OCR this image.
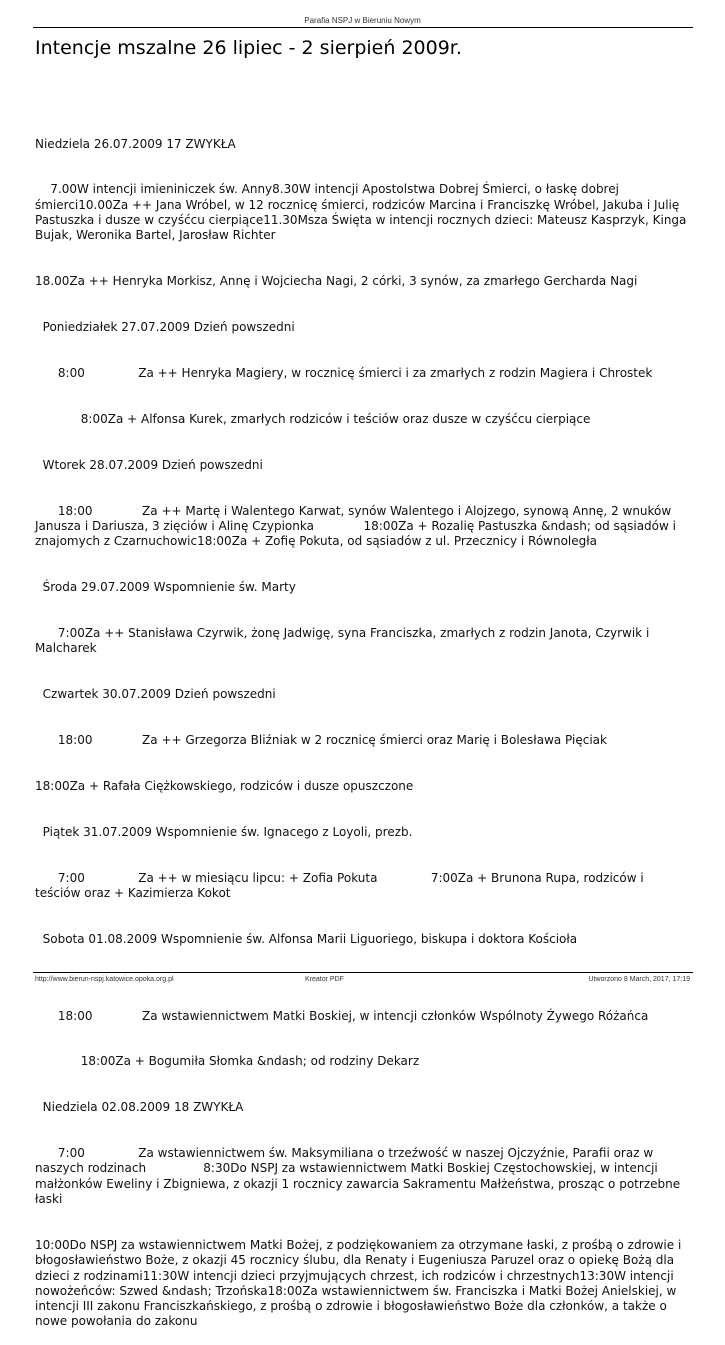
Parafia NSPJ w Bieruniu Nowym
Intencje mszalne 26 lipiec - 2 sierpień 2009r.

Niedziela 26.07.2009 17 ZWYKŁA

7.00W intencji imieniniczek św. Anny8.30W intencji Apostolstwa Dobrej Śmierci, o łaskę dobrej śmierci10.00Za ++ Jana Wróbel, w 12 rocznicę śmierci, rodziców Marcina i Franciszkę Wróbel, Jakuba i Julię Pastuszka i dusze w czyśćcu cierpiące11.30Msza Święta w intencji rocznych dzieci: Mateusz Kasprzyk, Kinga Bujak, Weronika Bartel, Jarosław Richter

18.00Za ++ Henryka Morkisz, Annę i Wojciecha Nagi, 2 córki, 3 synów, za zmarłego Gercharda Nagi

Poniedziałek 27.07.2009 Dzień powszedni

8:00              Za ++ Henryka Magiery, w rocznicę śmierci i za zmarłych z rodzin Magiera i Chrostek

8:00Za + Alfonsa Kurek, zmarłych rodziców i teściów oraz dusze w czyśćcu cierpiące

Wtorek 28.07.2009 Dzień powszedni

18:00             Za ++ Martę i Walentego Karwat, synów Walentego i Alojzego, synową Annę, 2 wnuków Janusza i Dariusza, 3 zięciów i Alinę Czypionka             18:00Za + Rozalię Pastuszka &ndash; od sąsiadów i znajomych z Czarnuchowic18:00Za + Zofię Pokuta, od sąsiadów z ul. Przecznicy i Równoległa

Środa 29.07.2009 Wspomnienie św. Marty

7:00Za ++ Stanisława Czyrwik, żonę Jadwigę, syna Franciszka, zmarłych z rodzin Janota, Czyrwik i Malcharek

Czwartek 30.07.2009 Dzień powszedni

18:00             Za ++ Grzegorza Bliźniak w 2 rocznicę śmierci oraz Marię i Bolesława Pięciak

18:00Za + Rafała Ciężkowskiego, rodziców i dusze opuszczone

Piątek 31.07.2009 Wspomnienie św. Ignacego z Loyoli, prezb.

7:00              Za ++ w miesiącu lipcu: + Zofia Pokuta              7:00Za + Brunona Rupa, rodziców i teściów oraz + Kazimierza Kokot

Sobota 01.08.2009 Wspomnienie św. Alfonsa Marii Liguoriego, biskupa i doktora Kościoła

18:00             Za wstawiennictwem Matki Boskiej, w intencji członków Wspólnoty Żywego Różańca

18:00Za + Bogumiła Słomka &ndash; od rodziny Dekarz

Niedziela 02.08.2009 18 ZWYKŁA

7:00              Za wstawiennictwem św. Maksymiliana o trzeźwość w naszej Ojczyźnie, Parafii oraz w naszych rodzinach               8:30Do NSPJ za wstawiennictwem Matki Boskiej Częstochowskiej, w intencji małżonków Eweliny i Zbigniewa, z okazji 1 rocznicy zawarcia Sakramentu Małżeństwa, prosząc o potrzebne łaski

10:00Do NSPJ za wstawiennictwem Matki Bożej, z podziękowaniem za otrzymane łaski, z prośbą o zdrowie i błogosławieństwo Boże, z okazji 45 rocznicy ślubu, dla Renaty i Eugeniusza Paruzel oraz o opiekę Bożą dla dzieci z rodzinami11:30W intencji dzieci przyjmujących chrzest, ich rodziców i chrzestnych13:30W intencji nowożeńców: Szwed &ndash; Trzońska18:00Za wstawiennictwem św. Franciszka i Matki Bożej Anielskiej, w intencji III zakonu Franciszkańskiego, z prośbą o zdrowie i błogosławieństwo Boże dla członków, a także o nowe powołania do zakonu

http://www.bierun-nspj.katowice.opoka.org.pl	Kreator PDF	Utworzono 8 March, 2017, 17:19
